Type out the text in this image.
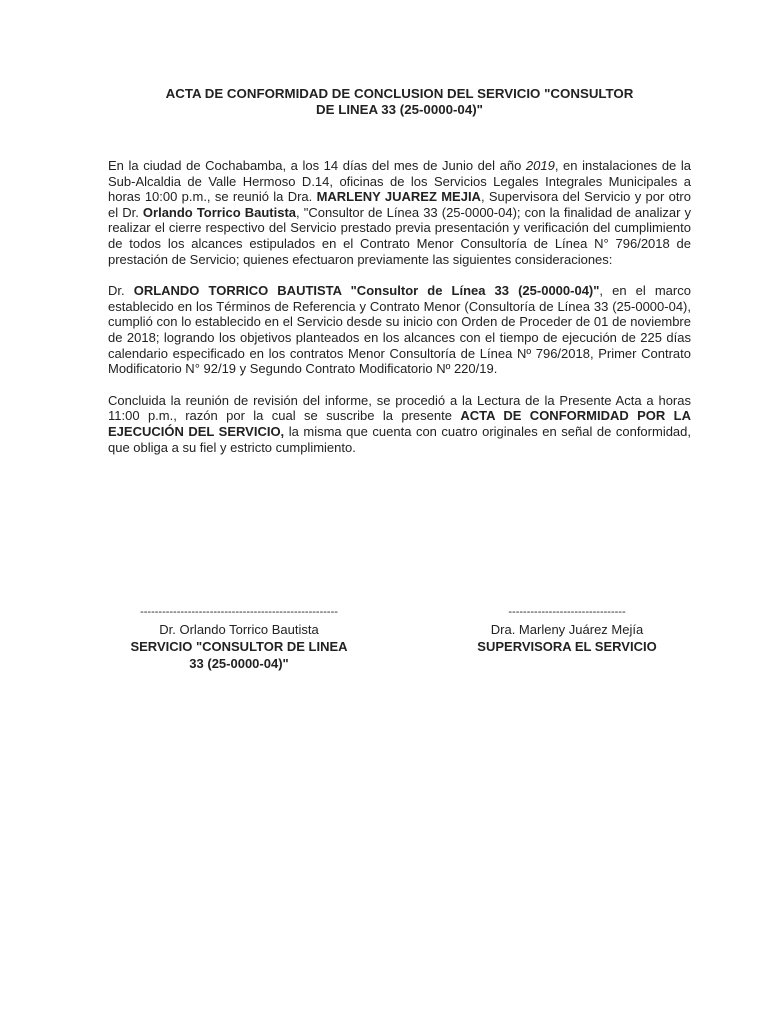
ACTA DE CONFORMIDAD DE CONCLUSION DEL SERVICIO "CONSULTOR
DE LINEA 33 (25-0000-04)"

En la ciudad de Cochabamba, a los 14 días del mes de Junio del año 2019, en instalaciones de la Sub-Alcaldia de Valle Hermoso D.14, oficinas de los Servicios Legales Integrales Municipales a horas 10:00 p.m., se reunió la Dra. MARLENY JUAREZ MEJIA, Supervisora del Servicio y por otro el Dr. Orlando Torrico Bautista, "Consultor de Línea 33 (25-0000-04); con la finalidad de analizar y realizar el cierre respectivo del Servicio prestado previa presentación y verificación del cumplimiento de todos los alcances estipulados en el Contrato Menor Consultoría de Línea N° 796/2018 de prestación de Servicio; quienes efectuaron previamente las siguientes consideraciones:

Dr. ORLANDO TORRICO BAUTISTA "Consultor de Línea 33 (25-0000-04)", en el marco establecido en los Términos de Referencia y Contrato Menor (Consultoría de Línea 33 (25-0000-04), cumplió con lo establecido en el Servicio desde su inicio con Orden de Proceder de 01 de noviembre de 2018; logrando los objetivos planteados en los alcances con el tiempo de ejecución de 225 días calendario especificado en los contratos Menor Consultoría de Línea Nº 796/2018, Primer Contrato Modificatorio N° 92/19 y Segundo Contrato Modificatorio Nº 220/19.

Concluida la reunión de revisión del informe, se procedió a la Lectura de la Presente Acta a horas 11:00 p.m., razón por la cual se suscribe la presente ACTA DE CONFORMIDAD POR LA EJECUCIÓN DEL SERVICIO, la misma que cuenta con cuatro originales en señal de conformidad, que obliga a su fiel y estricto cumplimiento.

------------------------------------------------------
Dr. Orlando Torrico Bautista
SERVICIO "CONSULTOR DE LINEA
33 (25-0000-04)"
--------------------------------
Dra. Marleny Juárez Mejía
SUPERVISORA EL SERVICIO
